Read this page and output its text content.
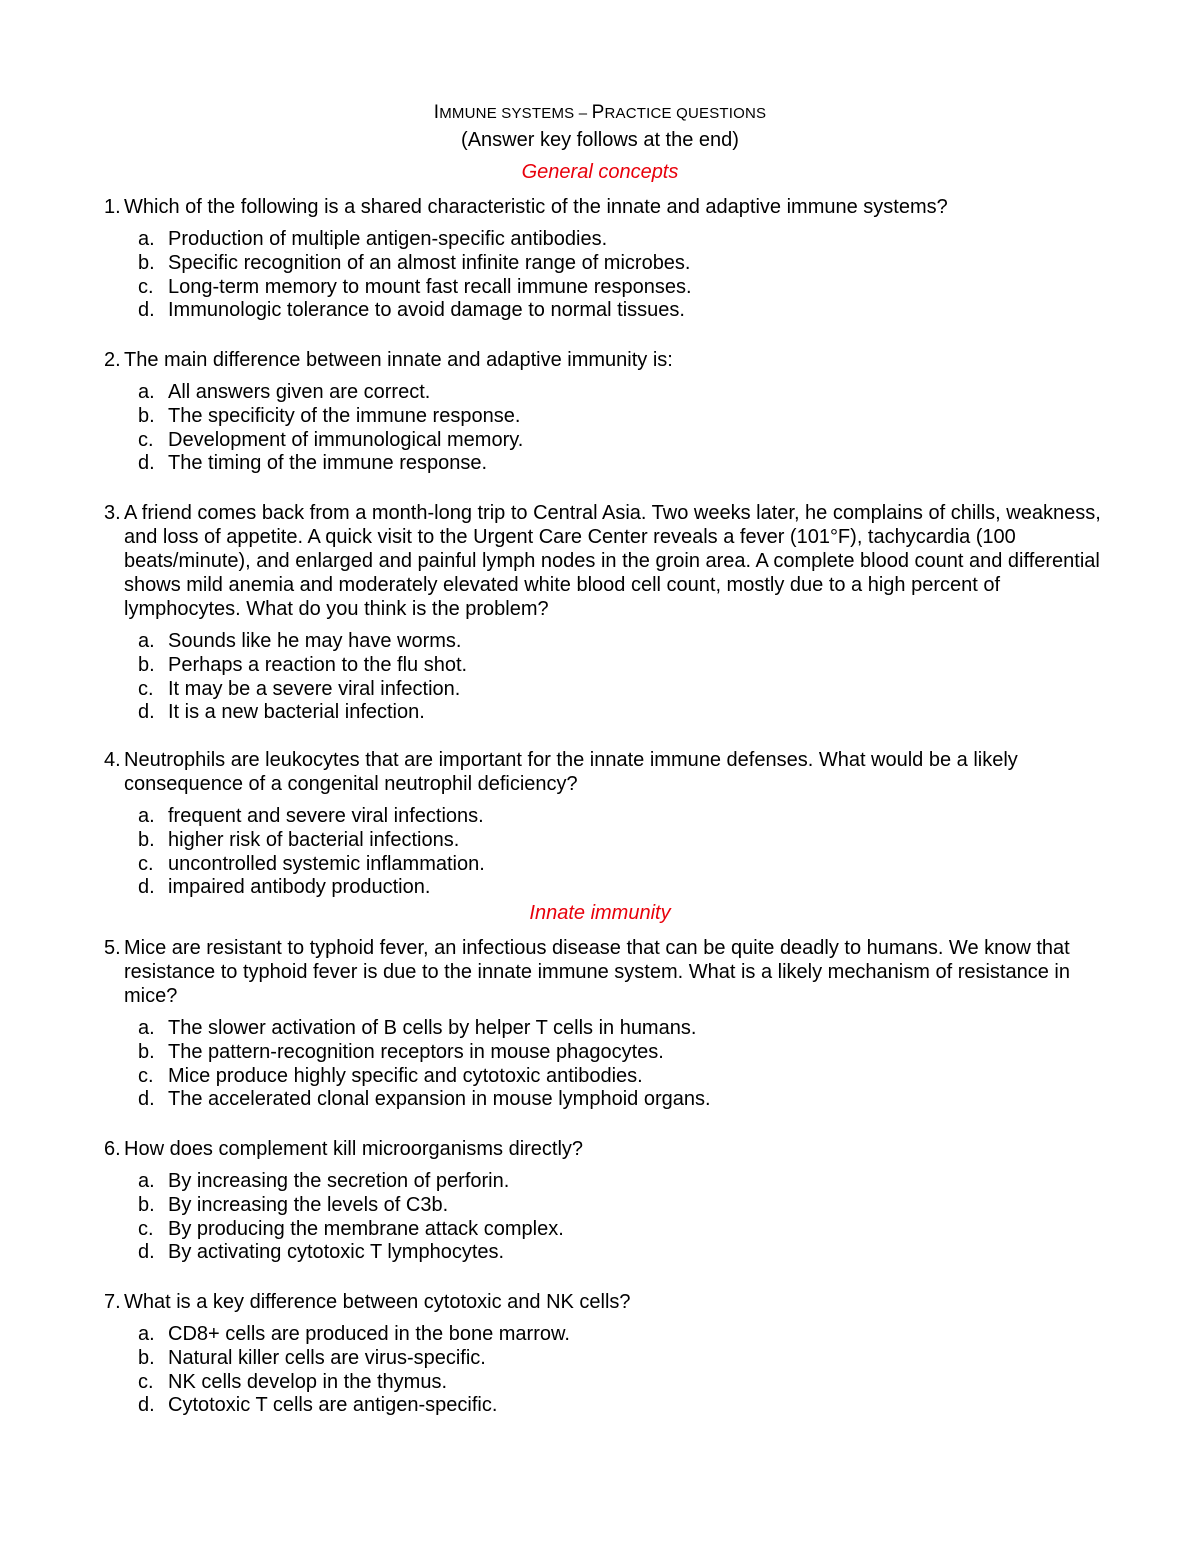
IMMUNE SYSTEMS – PRACTICE QUESTIONS
(Answer key follows at the end)
General concepts
1. Which of the following is a shared characteristic of the innate and adaptive immune systems?
a. Production of multiple antigen-specific antibodies.
b. Specific recognition of an almost infinite range of microbes.
c. Long-term memory to mount fast recall immune responses.
d. Immunologic tolerance to avoid damage to normal tissues.
2. The main difference between innate and adaptive immunity is:
a. All answers given are correct.
b. The specificity of the immune response.
c. Development of immunological memory.
d. The timing of the immune response.
3. A friend comes back from a month-long trip to Central Asia. Two weeks later, he complains of chills, weakness, and loss of appetite. A quick visit to the Urgent Care Center reveals a fever (101°F), tachycardia (100 beats/minute), and enlarged and painful lymph nodes in the groin area. A complete blood count and differential shows mild anemia and moderately elevated white blood cell count, mostly due to a high percent of lymphocytes. What do you think is the problem?
a. Sounds like he may have worms.
b. Perhaps a reaction to the flu shot.
c. It may be a severe viral infection.
d. It is a new bacterial infection.
4. Neutrophils are leukocytes that are important for the innate immune defenses. What would be a likely consequence of a congenital neutrophil deficiency?
a. frequent and severe viral infections.
b. higher risk of bacterial infections.
c. uncontrolled systemic inflammation.
d. impaired antibody production.
Innate immunity
5. Mice are resistant to typhoid fever, an infectious disease that can be quite deadly to humans. We know that resistance to typhoid fever is due to the innate immune system. What is a likely mechanism of resistance in mice?
a. The slower activation of B cells by helper T cells in humans.
b. The pattern-recognition receptors in mouse phagocytes.
c. Mice produce highly specific and cytotoxic antibodies.
d. The accelerated clonal expansion in mouse lymphoid organs.
6. How does complement kill microorganisms directly?
a. By increasing the secretion of perforin.
b. By increasing the levels of C3b.
c. By producing the membrane attack complex.
d. By activating cytotoxic T lymphocytes.
7. What is a key difference between cytotoxic and NK cells?
a. CD8+ cells are produced in the bone marrow.
b. Natural killer cells are virus-specific.
c. NK cells develop in the thymus.
d. Cytotoxic T cells are antigen-specific.
